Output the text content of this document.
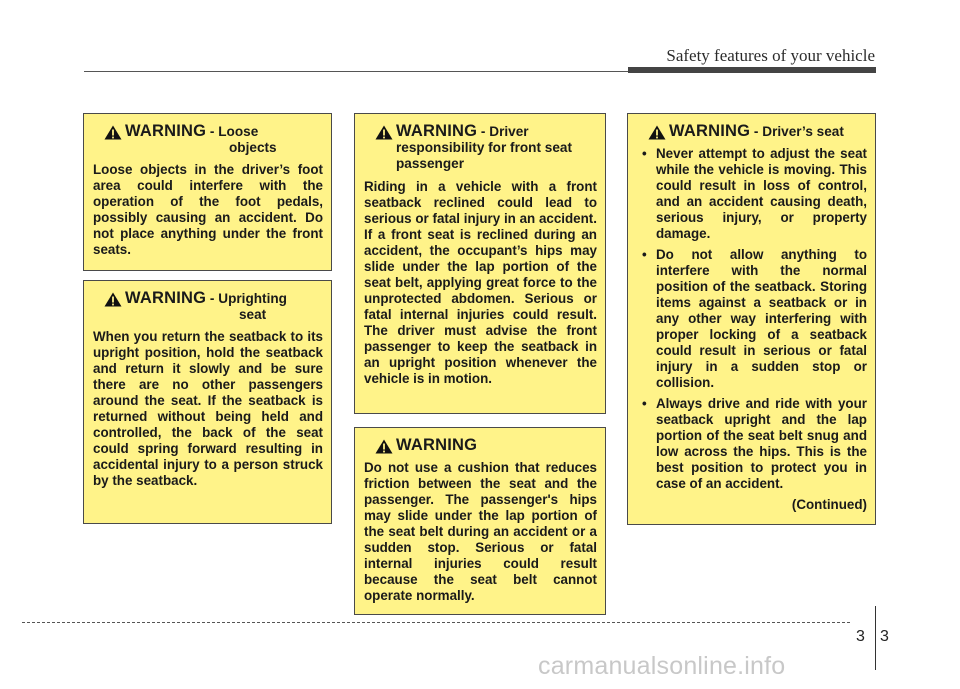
Safety features of your vehicle
WARNING - Loose
objects

Loose objects in the driver’s foot area could interfere with the operation of the foot pedals, possibly causing an accident. Do not place anything under the front seats.

WARNING - Uprighting
seat

When you return the seatback to its upright position, hold the seatback and return it slowly and be sure there are no other passengers around the seat. If the seatback is returned without being held and controlled, the back of the seat could spring forward resulting in accidental injury to a person struck by the seatback.

WARNING - Driver responsibility for front seat passenger

Riding in a vehicle with a front seatback reclined could lead to serious or fatal injury in an accident. If a front seat is reclined during an accident, the occupant’s hips may slide under the lap portion of the seat belt, applying great force to the unprotected abdomen. Serious or fatal internal injuries could result. The driver must advise the front passenger to keep the seatback in an upright position whenever the vehicle is in motion.

WARNING

Do not use a cushion that reduces friction between the seat and the passenger. The passenger's hips may slide under the lap portion of the seat belt during an accident or a sudden stop. Serious or fatal internal injuries could result because the seat belt cannot operate normally.

WARNING - Driver’s seat
• Never attempt to adjust the seat while the vehicle is moving. This could result in loss of control, and an accident causing death, serious injury, or property damage.
• Do not allow anything to interfere with the normal position of the seatback. Storing items against a seatback or in any other way interfering with proper locking of a seatback could result in serious or fatal injury in a sudden stop or collision.
• Always drive and ride with your seatback upright and the lap portion of the seat belt snug and low across the hips. This is the best position to protect you in case of an accident.
(Continued)
3 3
carmanualsonline.info
